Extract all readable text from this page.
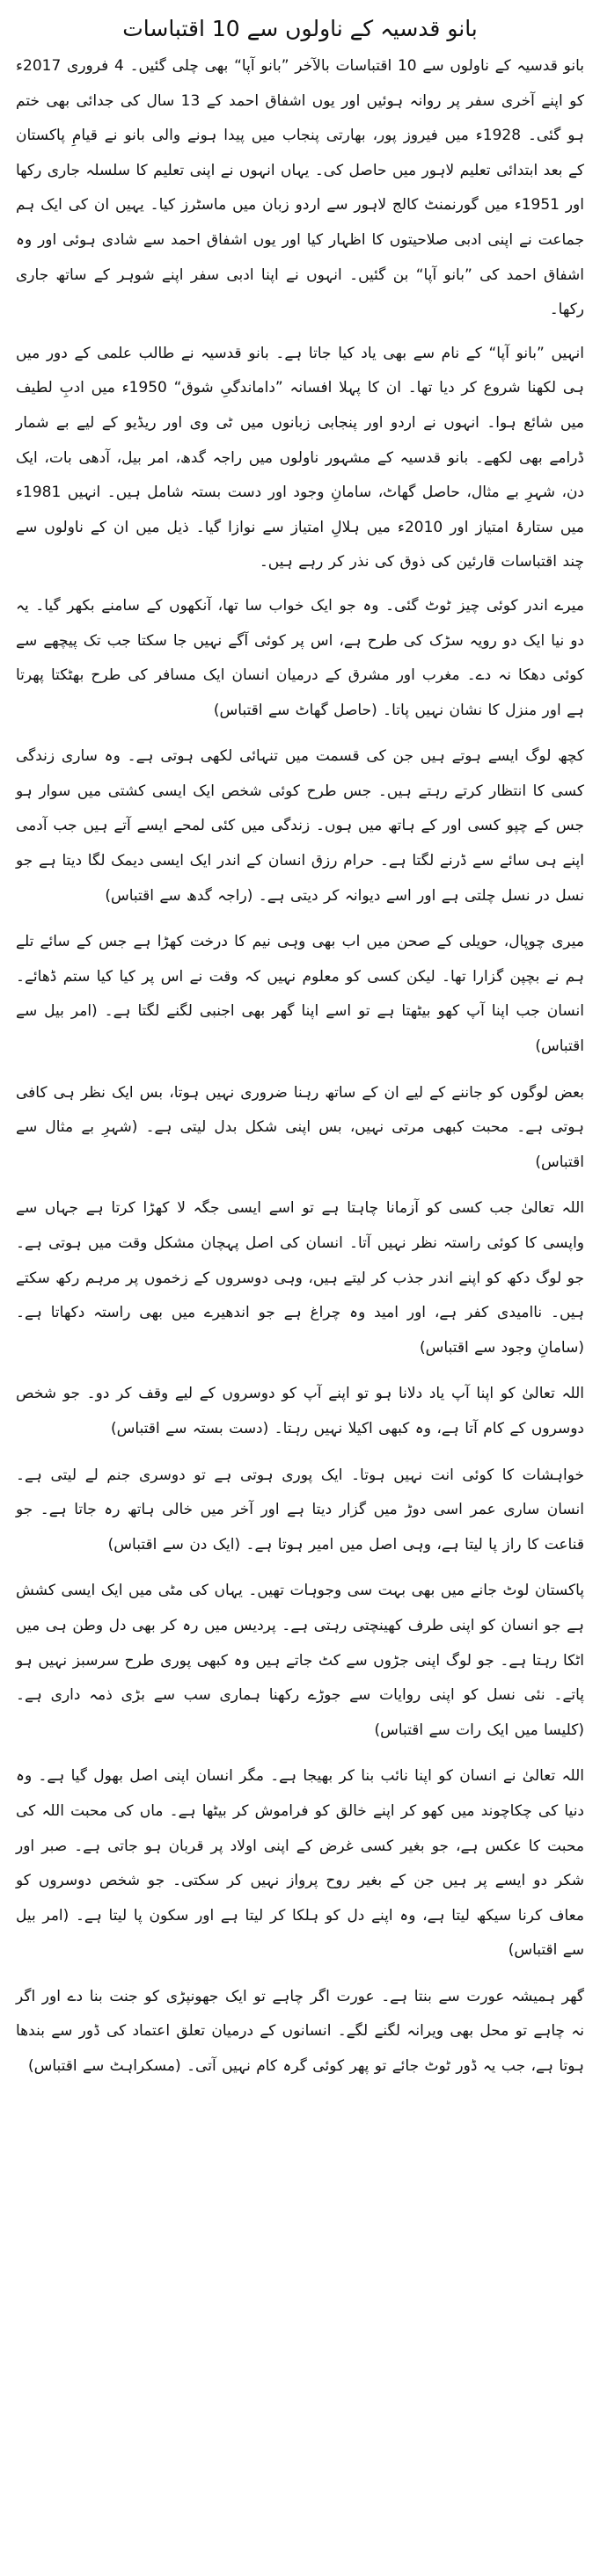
بانو قدسیہ کے ناولوں سے 10 اقتباسات

بانو قدسیہ کے ناولوں سے 10 اقتباسات بالآخر ”بانو آپا“ بھی چلی گئیں۔ 4 فروری 2017ء کو اپنے آخری سفر پر روانہ ہوئیں اور یوں اشفاق احمد کے 13 سال کی جدائی بھی ختم ہو گئی۔ 1928ء میں فیروز پور، بھارتی پنجاب میں پیدا ہونے والی بانو نے قیامِ پاکستان کے بعد ابتدائی تعلیم لاہور میں حاصل کی۔ یہاں انہوں نے اپنی تعلیم کا سلسلہ جاری رکھا اور 1951ء میں گورنمنٹ کالج لاہور سے اردو زبان میں ماسٹرز کیا۔ یہیں ان کی ایک ہم جماعت نے اپنی ادبی صلاحیتوں کا اظہار کیا اور یوں اشفاق احمد سے شادی ہوئی اور وہ اشفاق احمد کی ”بانو آپا“ بن گئیں۔ انہوں نے اپنا ادبی سفر اپنے شوہر کے ساتھ جاری رکھا۔

انہیں ”بانو آپا“ کے نام سے بھی یاد کیا جاتا ہے۔ بانو قدسیہ نے طالب علمی کے دور میں ہی لکھنا شروع کر دیا تھا۔ ان کا پہلا افسانہ ”داماندگیِ شوق“ 1950ء میں ادبِ لطیف میں شائع ہوا۔ انہوں نے اردو اور پنجابی زبانوں میں ٹی وی اور ریڈیو کے لیے بے شمار ڈرامے بھی لکھے۔ بانو قدسیہ کے مشہور ناولوں میں راجہ گدھ، امر بیل، آدھی بات، ایک دن، شہرِ بے مثال، حاصل گھاٹ، سامانِ وجود اور دست بستہ شامل ہیں۔ انہیں 1981ء میں ستارۂ امتیاز اور 2010ء میں ہلالِ امتیاز سے نوازا گیا۔ ذیل میں ان کے ناولوں سے چند اقتباسات قارئین کی ذوق کی نذر کر رہے ہیں۔

میرے اندر کوئی چیز ٹوٹ گئی۔ وہ جو ایک خواب سا تھا، آنکھوں کے سامنے بکھر گیا۔ یہ دو نیا ایک دو رویہ سڑک کی طرح ہے، اس پر کوئی آگے نہیں جا سکتا جب تک پیچھے سے کوئی دھکا نہ دے۔ مغرب اور مشرق کے درمیان انسان ایک مسافر کی طرح بھٹکتا پھرتا ہے اور منزل کا نشان نہیں پاتا۔ (حاصل گھاٹ سے اقتباس)

کچھ لوگ ایسے ہوتے ہیں جن کی قسمت میں تنہائی لکھی ہوتی ہے۔ وہ ساری زندگی کسی کا انتظار کرتے رہتے ہیں۔ جس طرح کوئی شخص ایک ایسی کشتی میں سوار ہو جس کے چپو کسی اور کے ہاتھ میں ہوں۔ زندگی میں کئی لمحے ایسے آتے ہیں جب آدمی اپنے ہی سائے سے ڈرنے لگتا ہے۔ حرام رزق انسان کے اندر ایک ایسی دیمک لگا دیتا ہے جو نسل در نسل چلتی ہے اور اسے دیوانہ کر دیتی ہے۔ (راجہ گدھ سے اقتباس)

میری چوپال، حویلی کے صحن میں اب بھی وہی نیم کا درخت کھڑا ہے جس کے سائے تلے ہم نے بچپن گزارا تھا۔ لیکن کسی کو معلوم نہیں کہ وقت نے اس پر کیا کیا ستم ڈھائے۔ انسان جب اپنا آپ کھو بیٹھتا ہے تو اسے اپنا گھر بھی اجنبی لگنے لگتا ہے۔ (امر بیل سے اقتباس)

بعض لوگوں کو جاننے کے لیے ان کے ساتھ رہنا ضروری نہیں ہوتا، بس ایک نظر ہی کافی ہوتی ہے۔ محبت کبھی مرتی نہیں، بس اپنی شکل بدل لیتی ہے۔ (شہرِ بے مثال سے اقتباس)

اللہ تعالیٰ جب کسی کو آزمانا چاہتا ہے تو اسے ایسی جگہ لا کھڑا کرتا ہے جہاں سے واپسی کا کوئی راستہ نظر نہیں آتا۔ انسان کی اصل پہچان مشکل وقت میں ہوتی ہے۔ جو لوگ دکھ کو اپنے اندر جذب کر لیتے ہیں، وہی دوسروں کے زخموں پر مرہم رکھ سکتے ہیں۔ ناامیدی کفر ہے، اور امید وہ چراغ ہے جو اندھیرے میں بھی راستہ دکھاتا ہے۔ (سامانِ وجود سے اقتباس)

اللہ تعالیٰ کو اپنا آپ یاد دلانا ہو تو اپنے آپ کو دوسروں کے لیے وقف کر دو۔ جو شخص دوسروں کے کام آتا ہے، وہ کبھی اکیلا نہیں رہتا۔ (دست بستہ سے اقتباس)

خواہشات کا کوئی انت نہیں ہوتا۔ ایک پوری ہوتی ہے تو دوسری جنم لے لیتی ہے۔ انسان ساری عمر اسی دوڑ میں گزار دیتا ہے اور آخر میں خالی ہاتھ رہ جاتا ہے۔ جو قناعت کا راز پا لیتا ہے، وہی اصل میں امیر ہوتا ہے۔ (ایک دن سے اقتباس)

پاکستان لوٹ جانے میں بھی بہت سی وجوہات تھیں۔ یہاں کی مٹی میں ایک ایسی کشش ہے جو انسان کو اپنی طرف کھینچتی رہتی ہے۔ پردیس میں رہ کر بھی دل وطن ہی میں اٹکا رہتا ہے۔ جو لوگ اپنی جڑوں سے کٹ جاتے ہیں وہ کبھی پوری طرح سرسبز نہیں ہو پاتے۔ نئی نسل کو اپنی روایات سے جوڑے رکھنا ہماری سب سے بڑی ذمہ داری ہے۔ (کلیسا میں ایک رات سے اقتباس)

اللہ تعالیٰ نے انسان کو اپنا نائب بنا کر بھیجا ہے۔ مگر انسان اپنی اصل بھول گیا ہے۔ وہ دنیا کی چکاچوند میں کھو کر اپنے خالق کو فراموش کر بیٹھا ہے۔ ماں کی محبت اللہ کی محبت کا عکس ہے، جو بغیر کسی غرض کے اپنی اولاد پر قربان ہو جاتی ہے۔ صبر اور شکر دو ایسے پر ہیں جن کے بغیر روح پرواز نہیں کر سکتی۔ جو شخص دوسروں کو معاف کرنا سیکھ لیتا ہے، وہ اپنے دل کو ہلکا کر لیتا ہے اور سکون پا لیتا ہے۔ (امر بیل سے اقتباس)

گھر ہمیشہ عورت سے بنتا ہے۔ عورت اگر چاہے تو ایک جھونپڑی کو جنت بنا دے اور اگر نہ چاہے تو محل بھی ویرانہ لگنے لگے۔ انسانوں کے درمیان تعلق اعتماد کی ڈور سے بندھا ہوتا ہے، جب یہ ڈور ٹوٹ جائے تو پھر کوئی گرہ کام نہیں آتی۔ (مسکراہٹ سے اقتباس)
